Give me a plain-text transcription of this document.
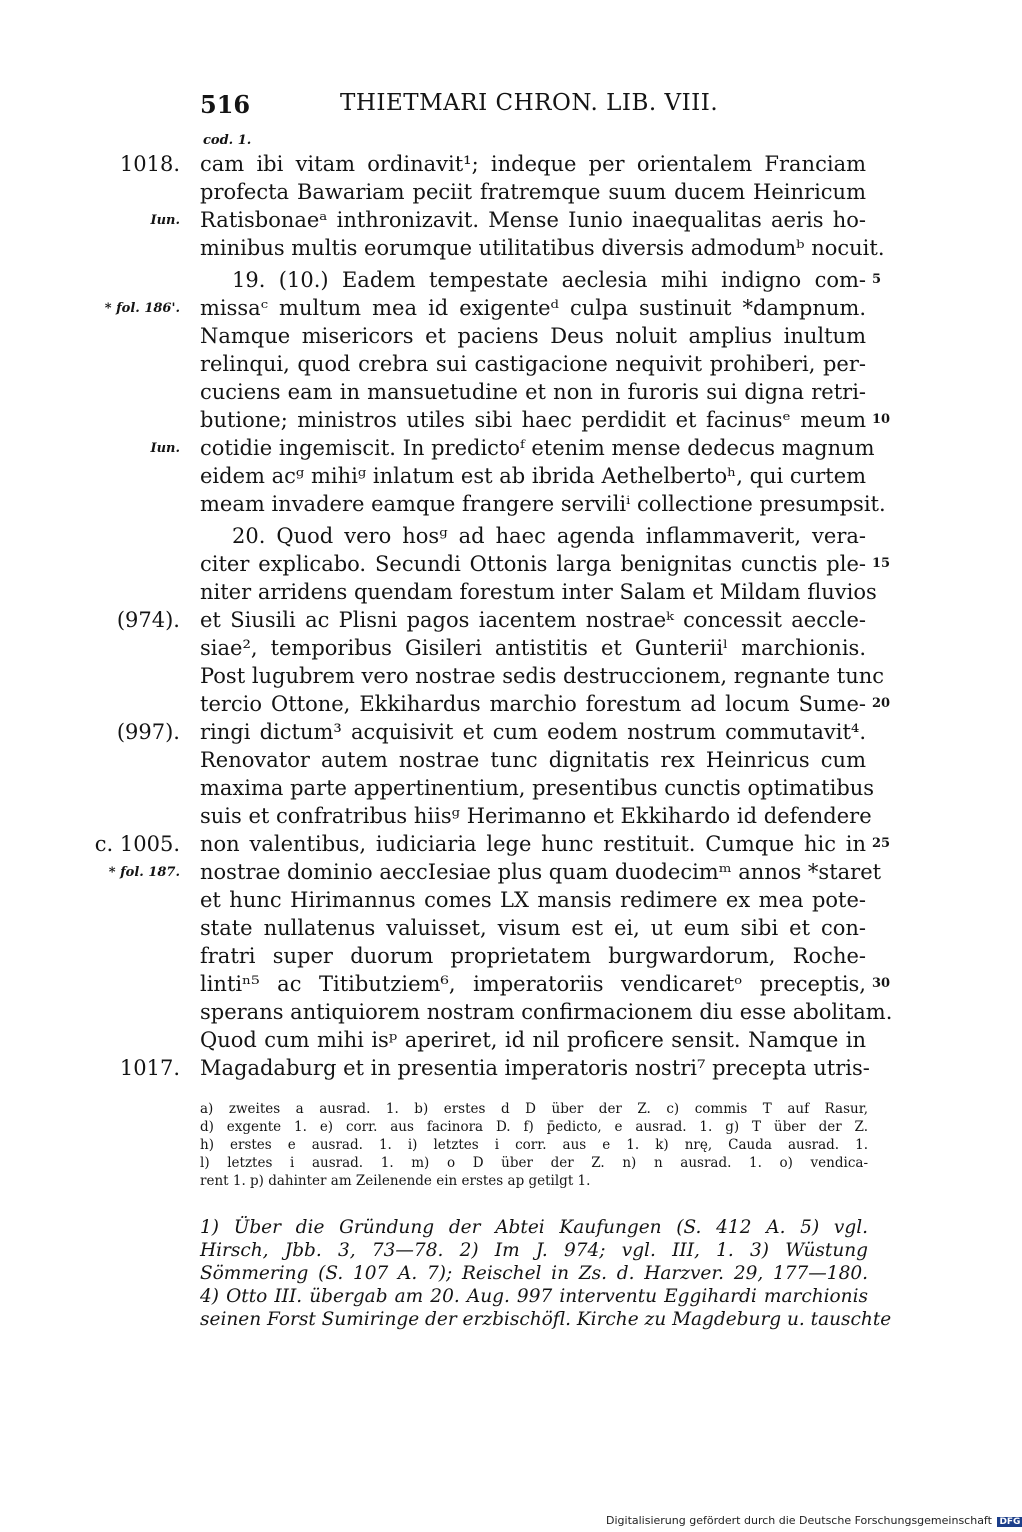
516	THIETMARI CHRON. LIB. VIII.
cod. 1.
1018. cam ibi vitam ordinavit¹; indeque per orientalem Franciam
profecta Bawariam peciit fratremque suum ducem Heinricum
Iun. Ratisbonaeᵃ inthronizavit. Mense Iunio inaequalitas aeris ho-
minibus multis eorumque utilitatibus diversis admodumᵇ nocuit.
19. (10.) Eadem tempestate aeclesia mihi indigno com- 5
* fol. 186'. missaᶜ multum mea id exigenteᵈ culpa sustinuit *dampnum.
Namque misericors et paciens Deus noluit amplius inultum
relinqui, quod crebra sui castigacione nequivit prohiberi, per-
cuciens eam in mansuetudine et non in furoris sui digna retri-
butione; ministros utiles sibi haec perdidit et facinusᵉ meum 10
Iun. cotidie ingemiscit. In predictoᶠ etenim mense dedecus magnum
eidem acᵍ mihiᵍ inlatum est ab ibrida Aethelbertoʰ, qui curtem
meam invadere eamque frangere serviliⁱ collectione presumpsit.
20. Quod vero hosᵍ ad haec agenda inflammaverit, vera-
citer explicabo. Secundi Ottonis larga benignitas cunctis ple- 15
niter arridens quendam forestum inter Salam et Mildam fluvios
(974). et Siusili ac Plisni pagos iacentem nostraeᵏ concessit aeccle-
siae², temporibus Gisileri antistitis et Gunteriiˡ marchionis.
Post lugubrem vero nostrae sedis destruccionem, regnante tunc
tercio Ottone, Ekkihardus marchio forestum ad locum Sume- 20
(997). ringi dictum³ acquisivit et cum eodem nostrum commutavit⁴.
Renovator autem nostrae tunc dignitatis rex Heinricus cum
maxima parte appertinentium, presentibus cunctis optimatibus
suis et confratribus hiisᵍ Herimanno et Ekkihardo id defendere
c. 1005. non valentibus, iudiciaria lege hunc restituit. Cumque hic in 25
* fol. 187. nostrae dominio aeccIesiae plus quam duodecimᵐ annos *staret
et hunc Hirimannus comes LX mansis redimere ex mea pote-
state nullatenus valuisset, visum est ei, ut eum sibi et con-
fratri super duorum proprietatem burgwardorum, Roche-
lintiⁿ⁵ ac Titibutziem⁶, imperatoriis vendicaretᵒ preceptis, 30
sperans antiquiorem nostram confirmacionem diu esse abolitam.
Quod cum mihi isᵖ aperiret, id nil proficere sensit. Namque in
1017. Magadaburg et in presentia imperatoris nostri⁷ precepta utris-
a) zweites a ausrad. 1. b) erstes d D über der Z. c) commis T auf Rasur,
d) exgente 1. e) corr. aus facinora D. f) p̄edicto, e ausrad. 1. g) T über der Z.
h) erstes e ausrad. 1. i) letztes i corr. aus e 1. k) nrę, Cauda ausrad. 1.
l) letztes i ausrad. 1. m) o D über der Z. n) n ausrad. 1. o) vendica-
rent 1. p) dahinter am Zeilenende ein erstes ap getilgt 1.
1) Über die Gründung der Abtei Kaufungen (S. 412 A. 5) vgl.
Hirsch, Jbb. 3, 73—78. 2) Im J. 974; vgl. III, 1. 3) Wüstung
Sömmering (S. 107 A. 7); Reischel in Zs. d. Harzver. 29, 177—180.
4) Otto III. übergab am 20. Aug. 997 interventu Eggihardi marchionis
seinen Forst Sumiringe der erzbischöfl. Kirche zu Magdeburg u. tauschte
Digitalisierung gefördert durch die Deutsche Forschungsgemeinschaft DFG
